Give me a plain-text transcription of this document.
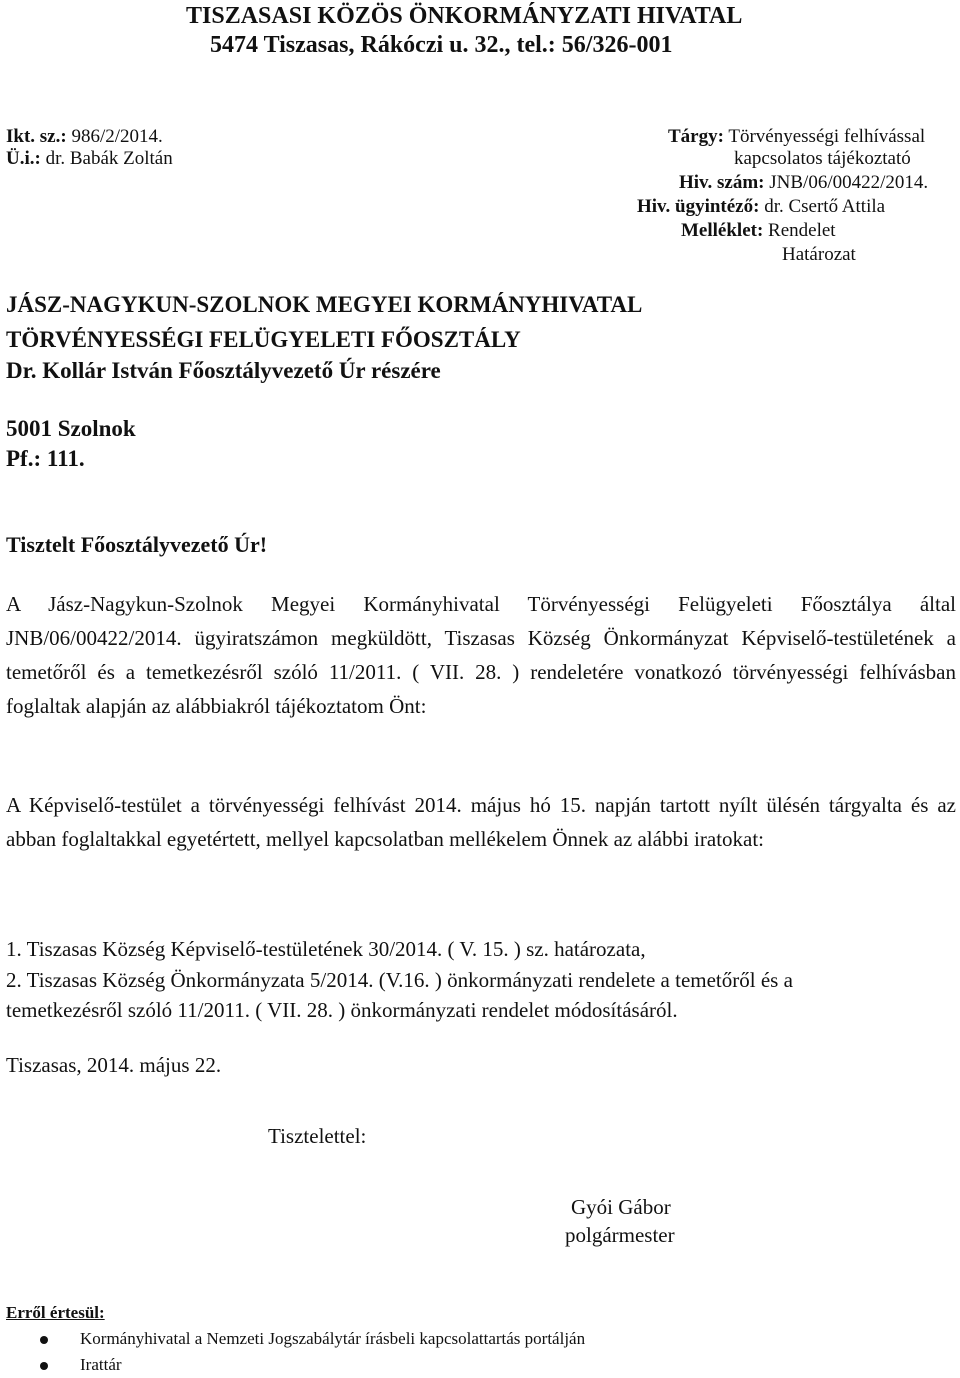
TISZASASI KÖZÖS ÖNKORMÁNYZATI HIVATAL
5474 Tiszasas, Rákóczi u. 32., tel.: 56/326-001
Ikt. sz.: 986/2/2014.
Ü.i.: dr. Babák Zoltán
Tárgy: Törvényességi felhívással
kapcsolatos tájékoztató
Hiv. szám: JNB/06/00422/2014.
Hiv. ügyintéző: dr. Csertő Attila
Melléklet: Rendelet
Határozat
JÁSZ-NAGYKUN-SZOLNOK MEGYEI KORMÁNYHIVATAL
TÖRVÉNYESSÉGI FELÜGYELETI FŐOSZTÁLY
Dr. Kollár István Főosztályvezető Úr részére
5001 Szolnok
Pf.: 111.
Tisztelt Főosztályvezető Úr!
A Jász-Nagykun-Szolnok Megyei Kormányhivatal Törvényességi Felügyeleti Főosztálya által JNB/06/00422/2014. ügyiratszámon megküldött, Tiszasas Község Önkormányzat Képviselő-testületének a temetőről és a temetkezésről szóló 11/2011. ( VII. 28. ) rendeletére vonatkozó törvényességi felhívásban foglaltak alapján az alábbiakról tájékoztatom Önt:
A Képviselő-testület a törvényességi felhívást 2014. május hó 15. napján tartott nyílt ülésén tárgyalta és az abban foglaltakkal egyetértett, mellyel kapcsolatban mellékelem Önnek az alábbi iratokat:
1. Tiszasas Község Képviselő-testületének 30/2014. ( V. 15. ) sz. határozata,
2. Tiszasas Község Önkormányzata 5/2014. (V.16. ) önkormányzati rendelete a temetőről és a
temetkezésről szóló 11/2011. ( VII. 28. ) önkormányzati rendelet módosításáról.
Tiszasas, 2014. május 22.
Tisztelettel:
Gyói Gábor
polgármester
Erről értesül:
Kormányhivatal a Nemzeti Jogszabálytár írásbeli kapcsolattartás portálján
Irattár
